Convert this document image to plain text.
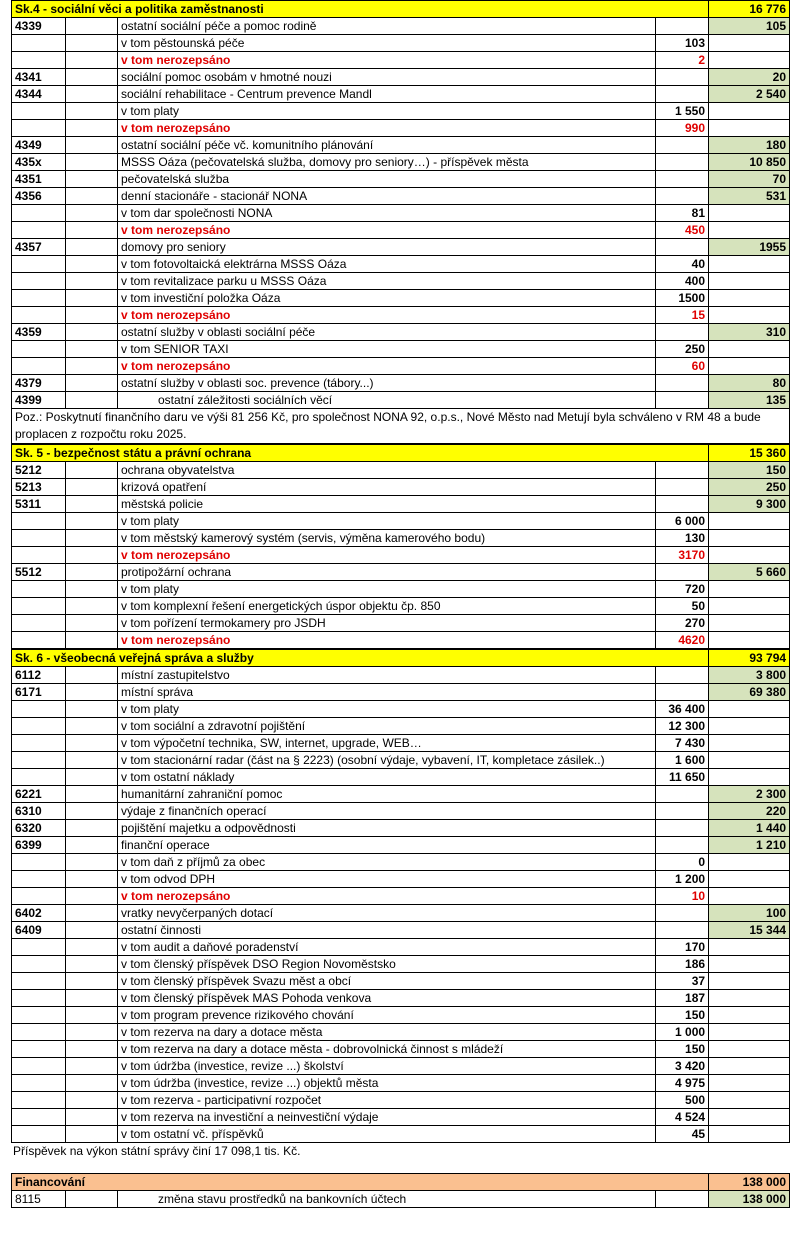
Sk.4 - sociální věci a politika zaměstnanosti				16 776
4339		ostatní sociální péče a pomoc rodině		105
		v tom pěstounská péče	103	
		v tom nerozepsáno	2	
4341		sociální pomoc osobám v hmotné nouzi		20
4344		sociální rehabilitace - Centrum prevence Mandl		2 540
		v tom platy	1 550	
		v tom nerozepsáno	990	
4349		ostatní sociální péče vč. komunitního plánování		180
435x		MSSS Oáza (pečovatelská služba, domovy pro seniory…) - příspěvek města		10 850
4351		pečovatelská služba		70
4356		denní stacionáře - stacionář NONA		531
		v tom dar společnosti NONA	81	
		v tom nerozepsáno	450	
4357		domovy pro seniory		1955
		v tom fotovoltaická elektrárna MSSS Oáza	40	
		v tom revitalizace parku u MSSS Oáza	400	
		v tom investiční položka Oáza	1500	
		v tom nerozepsáno	15	
4359		ostatní služby v oblasti sociální péče		310
		v tom SENIOR TAXI	250	
		v tom nerozepsáno	60	
4379		ostatní služby v oblasti soc. prevence (tábory...)		80
4399		ostatní záležitosti sociálních věcí		135
Poz.: Poskytnutí finančního daru ve výši 81 256 Kč, pro společnost NONA 92, o.p.s., Nové Město nad Metují byla schváleno v RM 48 a bude proplacen z rozpočtu roku 2025.				
Sk. 5 - bezpečnost státu a právní ochrana				15 360
5212		ochrana obyvatelstva		150
5213		krizová opatření		250
5311		městská policie		9 300
		v tom platy	6 000	
		v tom městský kamerový systém (servis, výměna kamerového bodu)	130	
		v tom nerozepsáno	3170	
5512		protipožární ochrana		5 660
		v tom platy	720	
		v tom komplexní řešení energetických úspor objektu čp. 850	50	
		v tom pořízení termokamery pro JSDH	270	
		v tom nerozepsáno	4620	
Sk. 6 - všeobecná veřejná správa a služby				93 794
6112		místní zastupitelstvo		3 800
6171		místní správa		69 380
		v tom platy	36 400	
		v tom sociální a zdravotní pojištění	12 300	
		v tom výpočetní technika, SW, internet, upgrade, WEB…	7 430	
		v tom stacionární radar (část na § 2223) (osobní výdaje, vybavení, IT, kompletace zásilek..)	1 600	
		v tom ostatní náklady	11 650	
6221		humanitární zahraniční pomoc		2 300
6310		výdaje z finančních operací		220
6320		pojištění majetku a odpovědnosti		1 440
6399		finanční operace		1 210
		v tom daň z příjmů za obec	0	
		v tom odvod DPH	1 200	
		v tom nerozepsáno	10	
6402		vratky nevyčerpaných dotací		100
6409		ostatní činnosti		15 344
		v tom audit a daňové poradenství	170	
		v tom členský příspěvek DSO Region Novoměstsko	186	
		v tom členský příspěvek Svazu měst a obcí	37	
		v tom členský příspěvek MAS Pohoda venkova	187	
		v tom program prevence rizikového chování	150	
		v tom rezerva na dary a dotace města	1 000	
		v tom rezerva na dary a dotace města - dobrovolnická činnost s mládeží	150	
		v tom údržba (investice, revize ...) školství	3 420	
		v tom údržba (investice, revize ...) objektů města	4 975	
		v tom rezerva - participativní rozpočet	500	
		v tom rezerva na investiční a neinvestiční výdaje	4 524	
		v tom ostatní vč. příspěvků	45	
Příspěvek na výkon státní správy činí 17 098,1 tis. Kč.
Financování				138 000
8115		změna stavu prostředků na bankovních účtech		138 000
